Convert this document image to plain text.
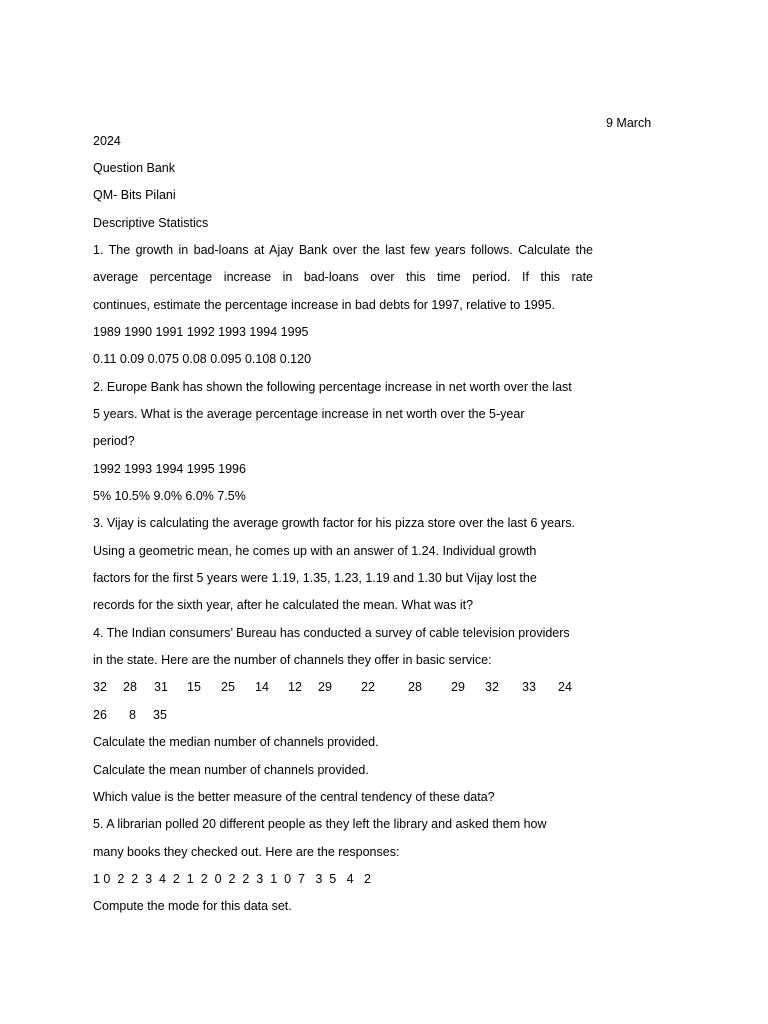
9 March
2024
Question Bank
QM- Bits Pilani
Descriptive Statistics
1. The growth in bad-loans at Ajay Bank over the last few years follows. Calculate the
average percentage increase in bad-loans over this time period. If this rate
continues, estimate the percentage increase in bad debts for 1997, relative to 1995.
1989 1990 1991 1992 1993 1994 1995
0.11 0.09 0.075 0.08 0.095 0.108 0.120
2. Europe Bank has shown the following percentage increase in net worth over the last
5 years. What is the average percentage increase in net worth over the 5-year
period?
1992 1993 1994 1995 1996
5% 10.5% 9.0% 6.0% 7.5%
3. Vijay is calculating the average growth factor for his pizza store over the last 6 years.
Using a geometric mean, he comes up with an answer of 1.24. Individual growth
factors for the first 5 years were 1.19, 1.35, 1.23, 1.19 and 1.30 but Vijay lost the
records for the sixth year, after he calculated the mean. What was it?
4. The Indian consumers’ Bureau has conducted a survey of cable television providers
in the state. Here are the number of channels they offer in basic service:
32 28 31 15 25 14 12 29 22	28 29 32 33 24
26 8 35
Calculate the median number of channels provided.
Calculate the mean number of channels provided.
Which value is the better measure of the central tendency of these data?
5. A librarian polled 20 different people as they left the library and asked them how
many books they checked out. Here are the responses:
1 0  2  2  3  4  2  1  2  0  2  2  3  1  0  7   3  5   4   2
Compute the mode for this data set.
